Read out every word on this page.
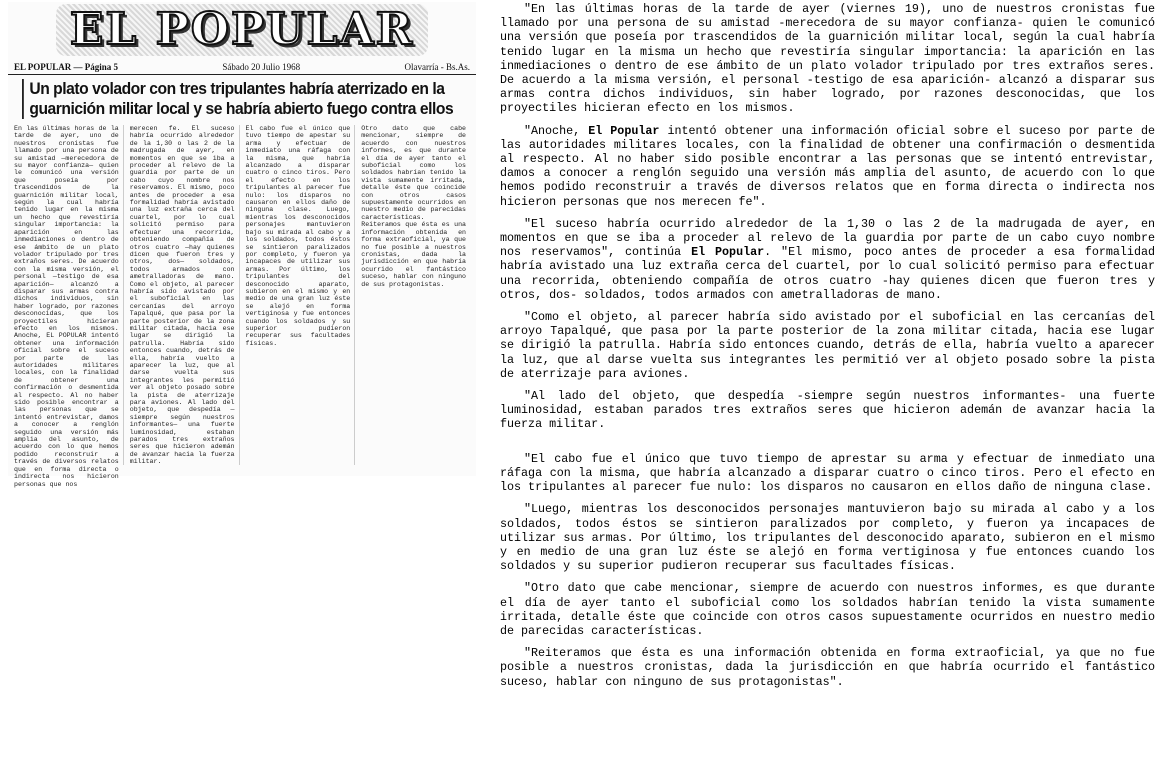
EL POPULAR
EL POPULAR — Página 5	Sábado 20 Julio 1968	Olavarría - Bs.As.
Un plato volador con tres tripulantes habría aterrizado en la guarnición militar local y se habría abierto fuego contra ellos
En las últimas horas de la tarde de ayer, uno de nuestros cronistas fue llamado por una persona de su amistad —merecedora de su mayor confianza— quien le comunicó una versión que poseía por trascendidos de la guarnición militar local, según la cual habría tenido lugar en la misma un hecho que revestiría singular importancia: la aparición en las inmediaciones o dentro de ese ámbito de un plato volador tripulado por tres extraños seres. De acuerdo con la misma versión, el personal —testigo de esa aparición— alcanzó a disparar sus armas contra dichos individuos, sin haber logrado, por razones desconocidas, que los proyectiles hicieran efecto en los mismos. Anoche, EL POPULAR intentó obtener una información oficial sobre el suceso por parte de las autoridades militares locales, con la finalidad de obtener una confirmación o desmentida al respecto. Al no haber sido posible encontrar a las personas que se intentó entrevistar, damos a conocer a renglón seguido una versión más amplia del asunto, de acuerdo con lo que hemos podido reconstruir a través de diversos relatos que en forma directa o indirecta nos hicieron personas que nos
merecen fe. El suceso habría ocurrido alrededor de la 1,30 o las 2 de la madrugada de ayer, en momentos en que se iba a proceder al relevo de la guardia por parte de un cabo cuyo nombre nos reservamos. El mismo, poco antes de proceder a esa formalidad habría avistado una luz extraña cerca del cuartel, por lo cual solicitó permiso para efectuar una recorrida, obteniendo compañía de otros cuatro —hay quienes dicen que fueron tres y otros, dos— soldados, todos armados con ametralladoras de mano. Como el objeto, al parecer habría sido avistado por el suboficial en las cercanías del arroyo Tapalqué, que pasa por la parte posterior de la zona militar citada, hacia ese lugar se dirigió la patrulla. Habría sido entonces cuando, detrás de ella, habría vuelto a aparecer la luz, que al darse vuelta sus integrantes les permitió ver al objeto posado sobre la pista de aterrizaje para aviones. Al lado del objeto, que despedía —siempre según nuestros informantes— una fuerte luminosidad, estaban parados tres extraños seres que hicieron ademán de avanzar hacia la fuerza militar.
El cabo fue el único que tuvo tiempo de apestar su arma y efectuar de inmediato una ráfaga con la misma, que habría alcanzado a disparar cuatro o cinco tiros. Pero el efecto en los tripulantes al parecer fue nulo: los disparos no causaron en ellos daño de ninguna clase. Luego, mientras los desconocidos personajes mantuvieron bajo su mirada al cabo y a los soldados, todos éstos se sintieron paralizados por completo, y fueron ya incapaces de utilizar sus armas. Por último, los tripulantes del desconocido aparato, subieron en el mismo y en medio de una gran luz éste se alejó en forma vertiginosa y fue entonces cuando los soldados y su superior pudieron recuperar sus facultades físicas.
Otro dato que cabe mencionar, siempre de acuerdo con nuestros informes, es que durante el día de ayer tanto el suboficial como los soldados habrían tenido la vista sumamente irritada, detalle éste que coincide con otros casos supuestamente ocurridos en nuestro medio de parecidas características. Reiteramos que ésta es una información obtenida en forma extraoficial, ya que no fue posible a nuestros cronistas, dada la jurisdicción en que habría ocurrido el fantástico suceso, hablar con ninguno de sus protagonistas.

"En las últimas horas de la tarde de ayer (viernes 19), uno de nuestros cronistas fue llamado por una persona de su amistad -merecedora de su mayor confianza- quien le comunicó una versión que poseía por trascendidos de la guarnición militar local, según la cual habría tenido lugar en la misma un hecho que revestiría singular importancia: la aparición en las inmediaciones o dentro de ese ámbito de un plato volador tripulado por tres extraños seres. De acuerdo a la misma versión, el personal -testigo de esa aparición- alcanzó a disparar sus armas contra dichos individuos, sin haber logrado, por razones desconocidas, que los proyectiles hicieran efecto en los mismos.

"Anoche, El Popular intentó obtener una información oficial sobre el suceso por parte de las autoridades militares locales, con la finalidad de obtener una confirmación o desmentida al respecto. Al no haber sido posible encontrar a las personas que se intentó entrevistar, damos a conocer a renglón seguido una versión más amplia del asunto, de acuerdo con lo que hemos podido reconstruir a través de diversos relatos que en forma directa o indirecta nos hicieron personas que nos merecen fe".

"El suceso habría ocurrido alrededor de la 1,30 o las 2 de la madrugada de ayer, en momentos en que se iba a proceder al relevo de la guardia por parte de un cabo cuyo nombre nos reservamos", continúa El Popular. "El mismo, poco antes de proceder a esa formalidad habría avistado una luz extraña cerca del cuartel, por lo cual solicitó permiso para efectuar una recorrida, obteniendo compañía de otros cuatro -hay quienes dicen que fueron tres y otros, dos- soldados, todos armados con ametralladoras de mano.

"Como el objeto, al parecer habría sido avistado por el suboficial en las cercanías del arroyo Tapalqué, que pasa por la parte posterior de la zona militar citada, hacia ese lugar se dirigió la patrulla. Habría sido entonces cuando, detrás de ella, habría vuelto a aparecer la luz, que al darse vuelta sus integrantes les permitió ver al objeto posado sobre la pista de aterrizaje para aviones.

"Al lado del objeto, que despedía -siempre según nuestros informantes- una fuerte luminosidad, estaban parados tres extraños seres que hicieron ademán de avanzar hacia la fuerza militar.

"El cabo fue el único que tuvo tiempo de aprestar su arma y efectuar de inmediato una ráfaga con la misma, que habría alcanzado a disparar cuatro o cinco tiros. Pero el efecto en los tripulantes al parecer fue nulo: los disparos no causaron en ellos daño de ninguna clase.

"Luego, mientras los desconocidos personajes mantuvieron bajo su mirada al cabo y a los soldados, todos éstos se sintieron paralizados por completo, y fueron ya incapaces de utilizar sus armas. Por último, los tripulantes del desconocido aparato, subieron en el mismo y en medio de una gran luz éste se alejó en forma vertiginosa y fue entonces cuando los soldados y su superior pudieron recuperar sus facultades físicas.

"Otro dato que cabe mencionar, siempre de acuerdo con nuestros informes, es que durante el día de ayer tanto el suboficial como los soldados habrían tenido la vista sumamente irritada, detalle éste que coincide con otros casos supuestamente ocurridos en nuestro medio de parecidas características.

"Reiteramos que ésta es una información obtenida en forma extraoficial, ya que no fue posible a nuestros cronistas, dada la jurisdicción en que habría ocurrido el fantástico suceso, hablar con ninguno de sus protagonistas".
